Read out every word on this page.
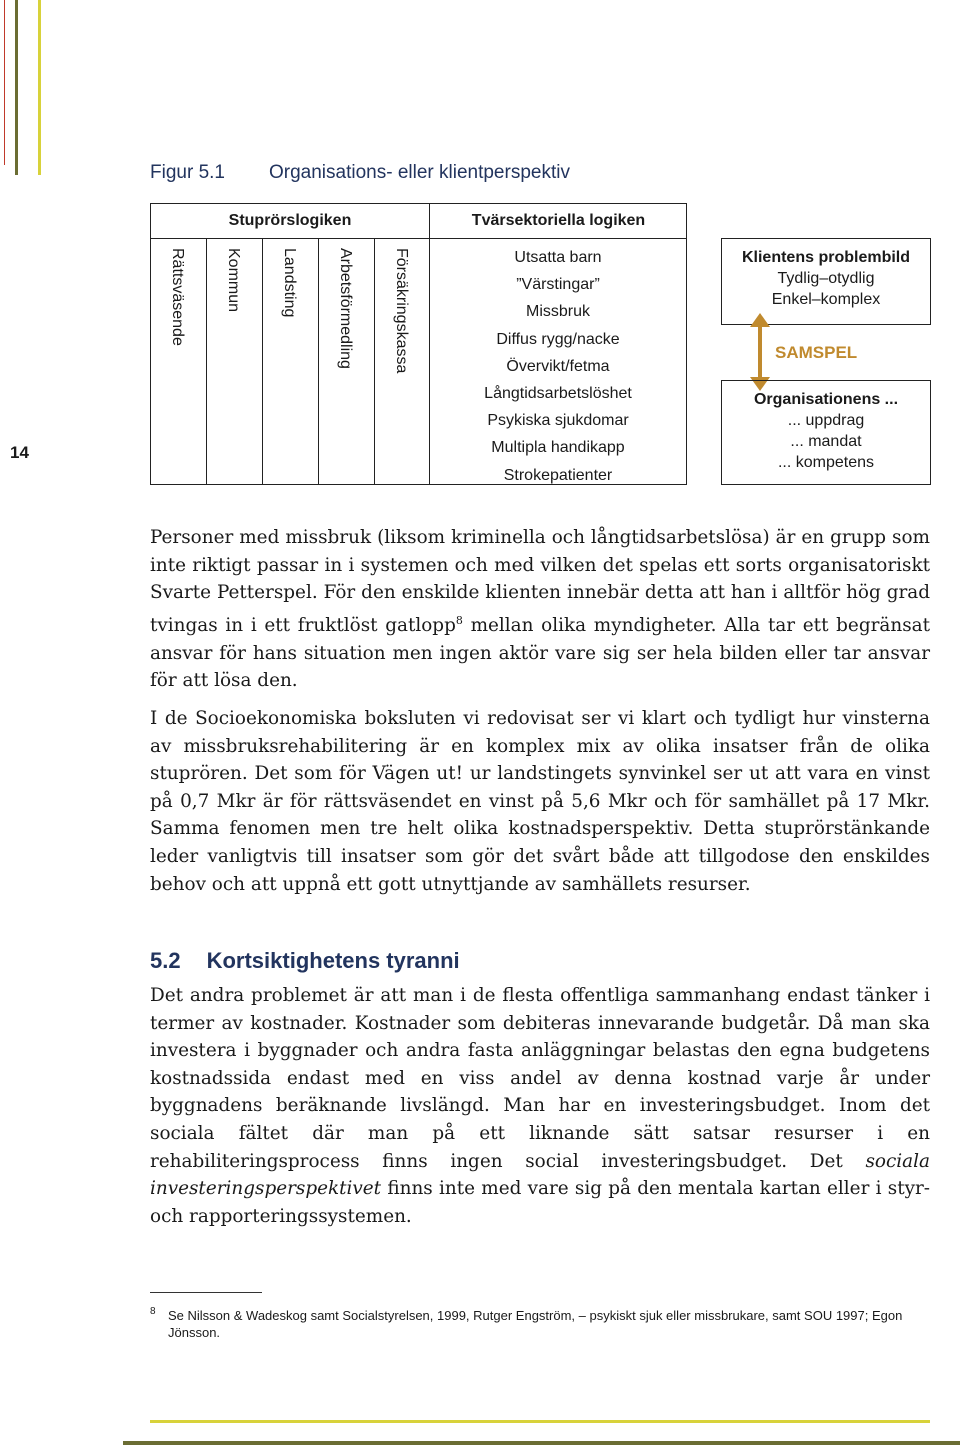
14
Figur 5.1 Organisations- eller klientperspektiv
Stuprörslogiken	Tvärsektoriella logiken
Rättsväsende Kommun Landsting Arbetsförmedling Försäkringskassa	Utsatta barn
”Värstingar”
Missbruk
Diffus rygg/nacke
Övervikt/fetma
Långtidsarbetslöshet
Psykiska sjukdomar
Multipla handikapp
Strokepatienter
Klientens problembild
Tydlig–otydlig
Enkel–komplex
SAMSPEL
Organisationens ...
... uppdrag
... mandat
... kompetens

Personer med missbruk (liksom kriminella och långtidsarbetslösa) är en grupp som inte riktigt passar in i systemen och med vilken det spelas ett sorts organisatoriskt Svarte Petterspel. För den enskilde klienten innebär detta att han i alltför hög grad tvingas in i ett fruktlöst gatlopp$^8$ mellan olika myndigheter. Alla tar ett begränsat ansvar för hans situation men ingen aktör vare sig ser hela bilden eller tar ansvar för att lösa den.

I de Socioekonomiska boksluten vi redovisat ser vi klart och tydligt hur vinsterna av missbruksrehabilitering är en komplex mix av olika insatser från de olika stuprören. Det som för Vägen ut! ur landstingets synvinkel ser ut att vara en vinst på 0,7 Mkr är för rättsväsendet en vinst på 5,6 Mkr och för samhället på 17 Mkr. Samma fenomen men tre helt olika kostnadsperspektiv. Detta stuprörstänkande leder vanligtvis till insatser som gör det svårt både att tillgodose den enskildes behov och att uppnå ett gott utnyttjande av samhällets resurser.

5.2 Kortsiktighetens tyranni

Det andra problemet är att man i de flesta offentliga sammanhang endast tänker i termer av kostnader. Kostnader som debiteras innevarande budgetår. Då man ska investera i byggnader och andra fasta anläggningar belastas den egna budgetens kostnadssida endast med en viss andel av denna kostnad varje år under byggnadens beräknande livslängd. Man har en investeringsbudget. Inom det sociala fältet där man på ett liknande sätt satsar resurser i en rehabiliteringsprocess finns ingen social investeringsbudget. Det sociala investeringsperspektivet finns inte med vare sig på den mentala kartan eller i styr- och rapporteringssystemen.

8 Se Nilsson & Wadeskog samt Socialstyrelsen, 1999, Rutger Engström, – psykiskt sjuk eller missbrukare, samt SOU 1997; Egon Jönsson.
